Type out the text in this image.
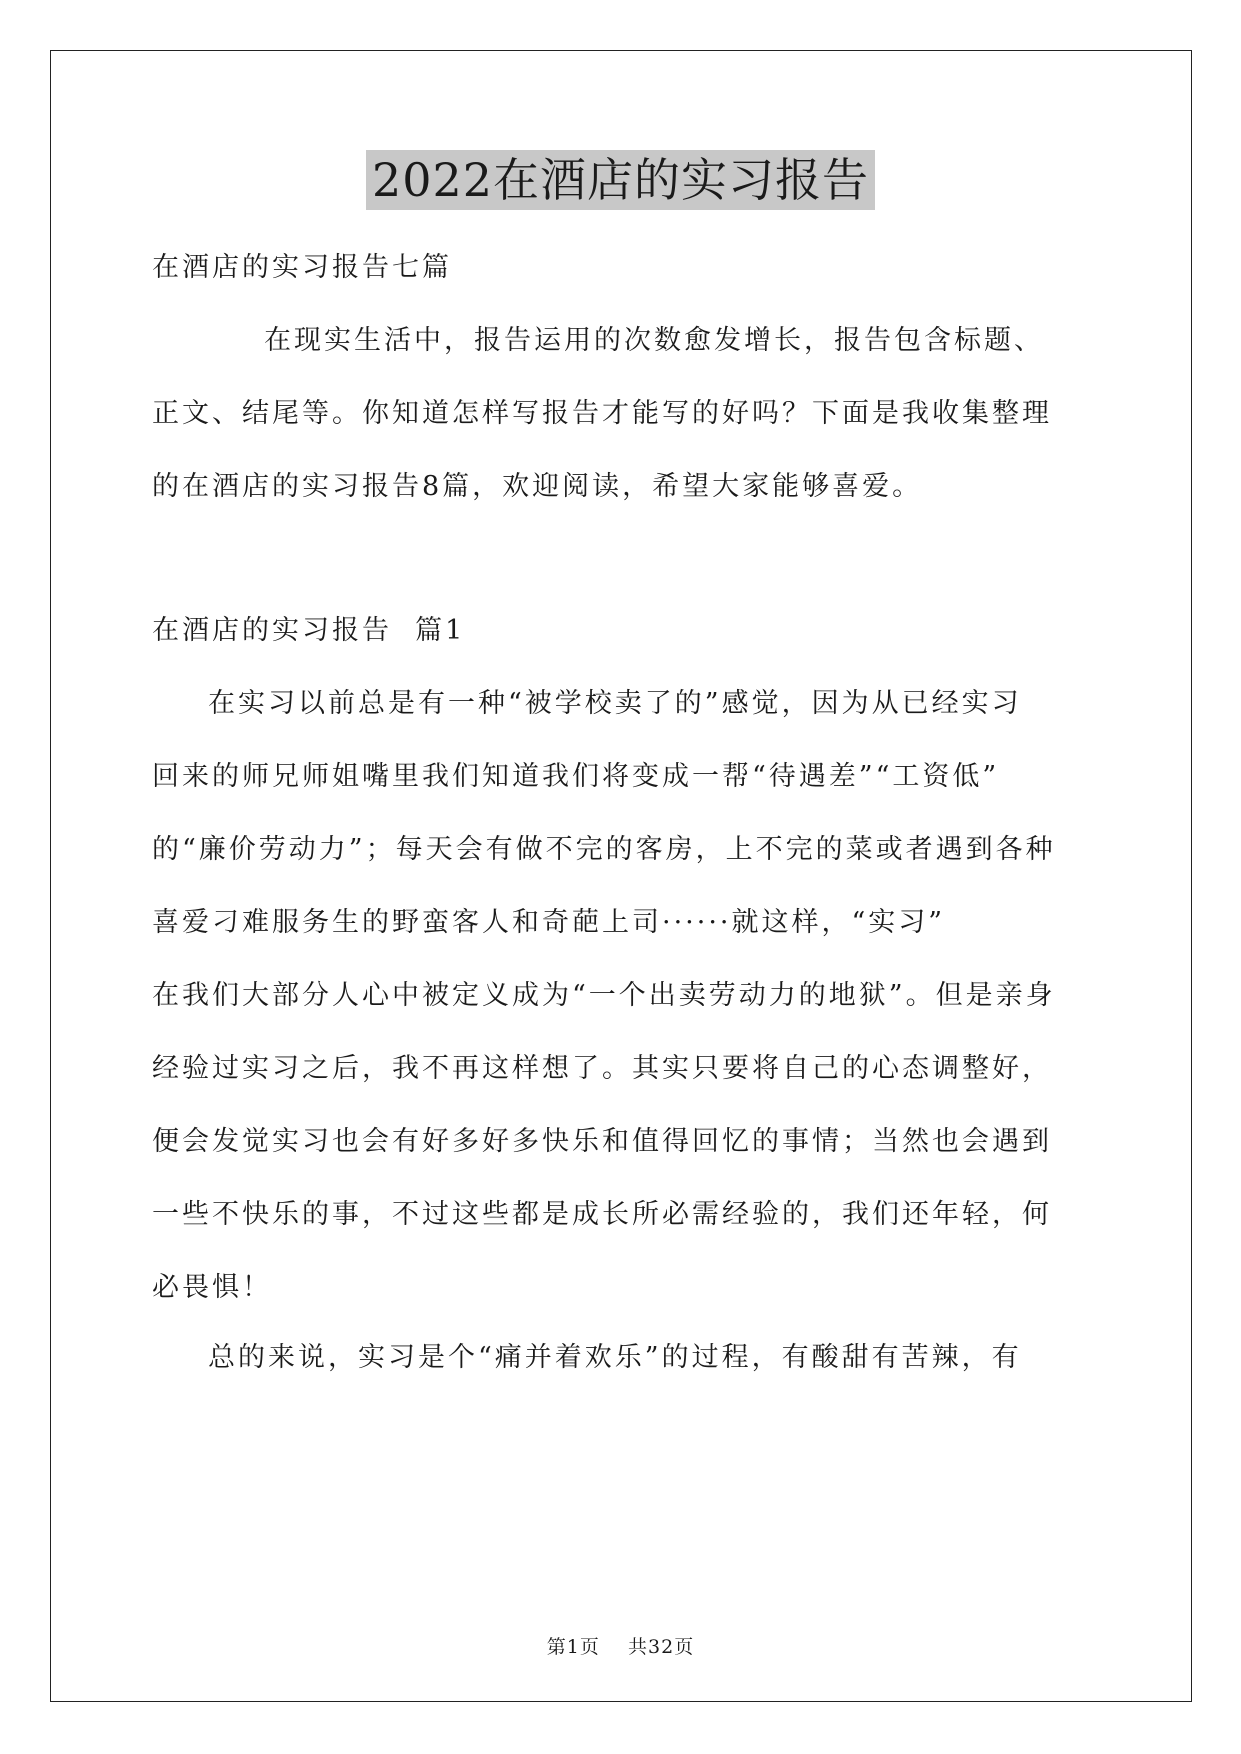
2022在酒店的实习报告
在酒店的实习报告七篇
在现实生活中，报告运用的次数愈发增长，报告包含标题、
正文、结尾等。你知道怎样写报告才能写的好吗？下面是我收集整理
的在酒店的实习报告8篇，欢迎阅读，希望大家能够喜爱。
在酒店的实习报告  篇1
在实习以前总是有一种“被学校卖了的”感觉，因为从已经实习
回来的师兄师姐嘴里我们知道我们将变成一帮“待遇差”“工资低”
的“廉价劳动力”；每天会有做不完的客房，上不完的菜或者遇到各种
喜爱刁难服务生的野蛮客人和奇葩上司······就这样，“实习”
在我们大部分人心中被定义成为“一个出卖劳动力的地狱”。但是亲身
经验过实习之后，我不再这样想了。其实只要将自己的心态调整好，
便会发觉实习也会有好多好多快乐和值得回忆的事情；当然也会遇到
一些不快乐的事，不过这些都是成长所必需经验的，我们还年轻，何
必畏惧！
总的来说，实习是个“痛并着欢乐”的过程，有酸甜有苦辣，有
第1页    共32页
